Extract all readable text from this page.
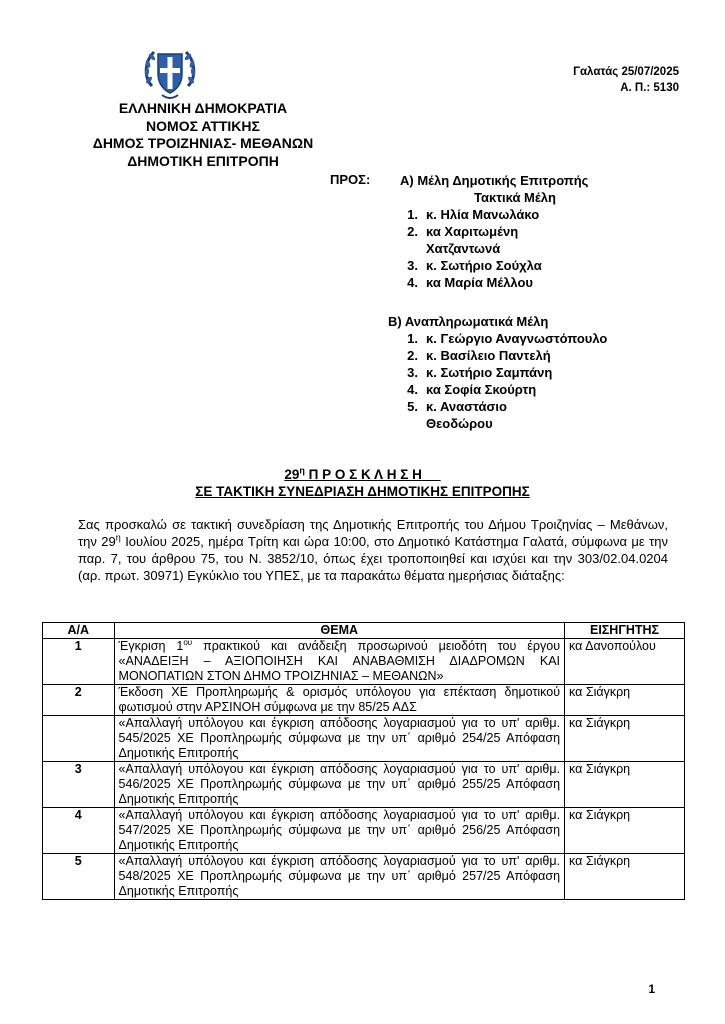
ΕΛΛΗΝΙΚΗ ΔΗΜΟΚΡΑΤΙΑ
ΝΟΜΟΣ ΑΤΤΙΚΗΣ
ΔΗΜΟΣ ΤΡΟΙΖΗΝΙΑΣ- ΜΕΘΑΝΩΝ
ΔΗΜΟΤΙΚΗ ΕΠΙΤΡΟΠΗ
Γαλατάς 25/07/2025
Α. Π.: 5130
ΠΡΟΣ: Α) Μέλη Δημοτικής Επιτροπής
Τακτικά Μέλη
1. κ. Ηλία Μανωλάκο
2. κα Χαριτωμένη Χατζαντωνά
3. κ. Σωτήριο Σούχλα
4. κα Μαρία Μέλλου
Β) Αναπληρωματικά Μέλη
1. κ. Γεώργιο Αναγνωστόπουλο
2. κ. Βασίλειο Παντελή
3. κ. Σωτήριο Σαμπάνη
4. κα Σοφία Σκούρτη
5. κ. Αναστάσιο Θεοδώρου
$29^\eta$ Π Ρ Ο Σ Κ Λ Η Σ Η
ΣΕ ΤΑΚΤΙΚΗ ΣΥΝΕΔΡΙΑΣΗ ΔΗΜΟΤΙΚΗΣ ΕΠΙΤΡΟΠΗΣ
Σας προσκαλώ σε τακτική συνεδρίαση της Δημοτικής Επιτροπής του Δήμου Τροιζηνίας – Μεθάνων, την $29^\eta$ Ιουλίου 2025, ημέρα Τρίτη και ώρα 10:00, στο Δημοτικό Κατάστημα Γαλατά, σύμφωνα με την παρ. 7, του άρθρου 75, του Ν. 3852/10, όπως έχει τροποποιηθεί και ισχύει και την 303/02.04.0204 (αρ. πρωτ. 30971) Εγκύκλιο του ΥΠΕΣ, με τα παρακάτω θέματα ημερήσιας διάταξης:
Α/Α	ΘΕΜΑ	ΕΙΣΗΓΗΤΗΣ
1	Έγκριση $1^{o\upsilon}$ πρακτικού και ανάδειξη προσωρινού μειοδότη του έργου «ΑΝΑΔΕΙΞΗ – ΑΞΙΟΠΟΙΗΣΗ ΚΑΙ ΑΝΑΒΑΘΜΙΣΗ ΔΙΑΔΡΟΜΩΝ ΚΑΙ ΜΟΝΟΠΑΤΙΩΝ ΣΤΟΝ ΔΗΜΟ ΤΡΟΙΖΗΝΙΑΣ – ΜΕΘΑΝΩΝ»	κα Δανοπούλου
2	Έκδοση ΧΕ Προπληρωμής & ορισμός υπόλογου για επέκταση δημοτικού φωτισμού στην ΑΡΣΙΝΟΗ σύμφωνα με την 85/25 ΑΔΣ	κα Σιάγκρη
	«Απαλλαγή υπόλογου και έγκριση απόδοσης λογαριασμού για το υπ' αριθμ. 545/2025 ΧΕ Προπληρωμής σύμφωνα με την υπ΄ αριθμό 254/25 Απόφαση Δημοτικής Επιτροπής	κα Σιάγκρη
3	«Απαλλαγή υπόλογου και έγκριση απόδοσης λογαριασμού για το υπ' αριθμ. 546/2025 ΧΕ Προπληρωμής σύμφωνα με την υπ΄ αριθμό 255/25 Απόφαση Δημοτικής Επιτροπής	κα Σιάγκρη
4	«Απαλλαγή υπόλογου και έγκριση απόδοσης λογαριασμού για το υπ' αριθμ. 547/2025 ΧΕ Προπληρωμής σύμφωνα με την υπ΄ αριθμό 256/25 Απόφαση Δημοτικής Επιτροπής	κα Σιάγκρη
5	«Απαλλαγή υπόλογου και έγκριση απόδοσης λογαριασμού για το υπ' αριθμ. 548/2025 ΧΕ Προπληρωμής σύμφωνα με την υπ΄ αριθμό 257/25 Απόφαση Δημοτικής Επιτροπής	κα Σιάγκρη
1
